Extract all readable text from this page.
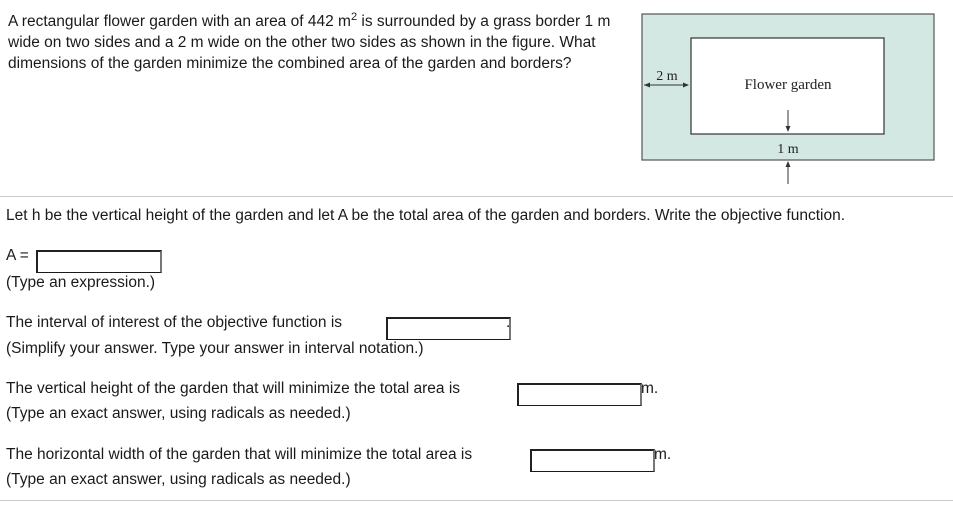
A rectangular flower garden with an area of 442 $m^2$ is surrounded by a grass border 1 m wide on two sides and a 2 m wide on the other two sides as shown in the figure. What dimensions of the garden minimize the combined area of the garden and borders?
2 m
Flower garden
1 m
Let h be the vertical height of the garden and let A be the total area of the garden and borders. Write the objective function.
A =
(Type an expression.)
The interval of interest of the objective function is	.
(Simplify your answer. Type your answer in interval notation.)
The vertical height of the garden that will minimize the total area is	m.
(Type an exact answer, using radicals as needed.)
The horizontal width of the garden that will minimize the total area is	m.
(Type an exact answer, using radicals as needed.)
